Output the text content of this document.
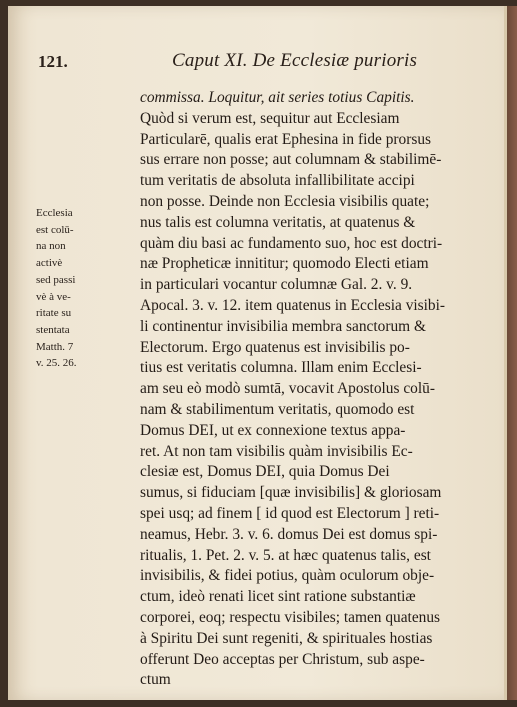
121.	Caput XI. De Ecclesiæ purioris
Ecclesia
est colū-
na non
activè
sed passi
vè à ve-
ritate su
stentata
Matth. 7
v. 25. 26.
commissa. Loquitur, ait series totius Capitis.
Quòd si verum est, sequitur aut Ecclesiam
Particularē, qualis erat Ephesina in fide prorsus
sus errare non posse; aut columnam & stabilimē-
tum veritatis de absoluta infallibilitate accipi
non posse. Deinde non Ecclesia visibilis quate;
nus talis est columna veritatis, at quatenus &
quàm diu basi ac fundamento suo, hoc est doctri-
næ Propheticæ innititur; quomodo Electi etiam
in particulari vocantur columnæ Gal. 2. v. 9.
Apocal. 3. v. 12. item quatenus in Ecclesia visibi-
li continentur invisibilia membra sanctorum &
Electorum. Ergo quatenus est invisibilis po-
tius est veritatis columna. Illam enim Ecclesi-
am seu eò modò sumtā, vocavit Apostolus colū-
nam & stabilimentum veritatis, quomodo est
Domus DEI, ut ex connexione textus appa-
ret. At non tam visibilis quàm invisibilis Ec-
clesiæ est, Domus DEI, quia Domus Dei
sumus, si fiduciam [quæ invisibilis] & gloriosam
spei usq; ad finem [ id quod est Electorum ] reti-
neamus, Hebr. 3. v. 6. domus Dei est domus spi-
ritualis, 1. Pet. 2. v. 5. at hæc quatenus talis, est
invisibilis, & fidei potius, quàm oculorum obje-
ctum, ideò renati licet sint ratione substantiæ
corporei, eoq; respectu visibiles; tamen quatenus
à Spiritu Dei sunt regeniti, & spirituales hostias
offerunt Deo acceptas per Christum, sub aspe-
ctum
